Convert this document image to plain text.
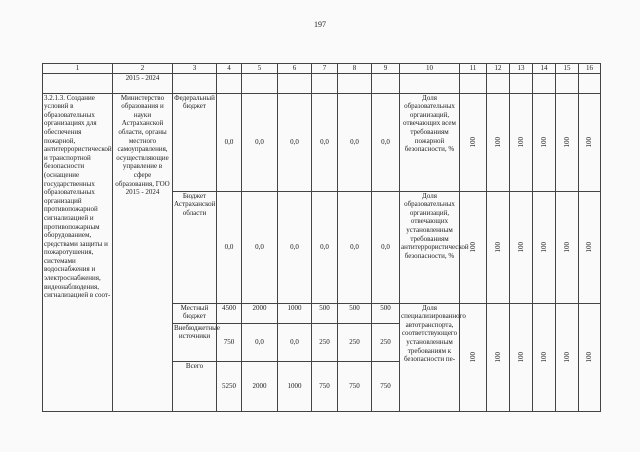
197
1	2	3	4	5	6	7	8	9	10	11	12	13	14	15	16
	2015 - 2024														
3.2.1.3. Создание условий в образовательных организациях для обеспечения пожарной, антитеррористической и транспортной безопасности (оснащение государственных образовательных организаций противопожарной сигнализацией и противопожарным оборудованием, средствами защиты и пожаротушения, системами водоснабжения и электроснабжения, видеонаблюдения, сигнализацией в соот-	Министерство образования и науки Астраханской области, органы местного самоуправления, осуществляющие управление в сфере образования, ГОО 2015 - 2024	Федеральный бюджет	0,0	0,0	0,0	0,0	0,0	0,0	Доля образовательных организаций, отвечающих всем требованиям пожарной безопасности, %	100	100	100	100	100	100
		Бюджет Астраханской области	0,0	0,0	0,0	0,0	0,0	0,0	Доля образовательных организаций, отвечающих установленным требованиям антитеррористической безопасности, %	100	100	100	100	100	100
		Местный бюджет	4500	2000	1000	500	500	500	Доля специализированного автотранспорта, соответствующего установленным требованиям к безопасности пе-	100	100	100	100	100	100
		Внебюджетные источники	750	0,0	0,0	250	250	250							
		Всего	5250	2000	1000	750	750	750							
